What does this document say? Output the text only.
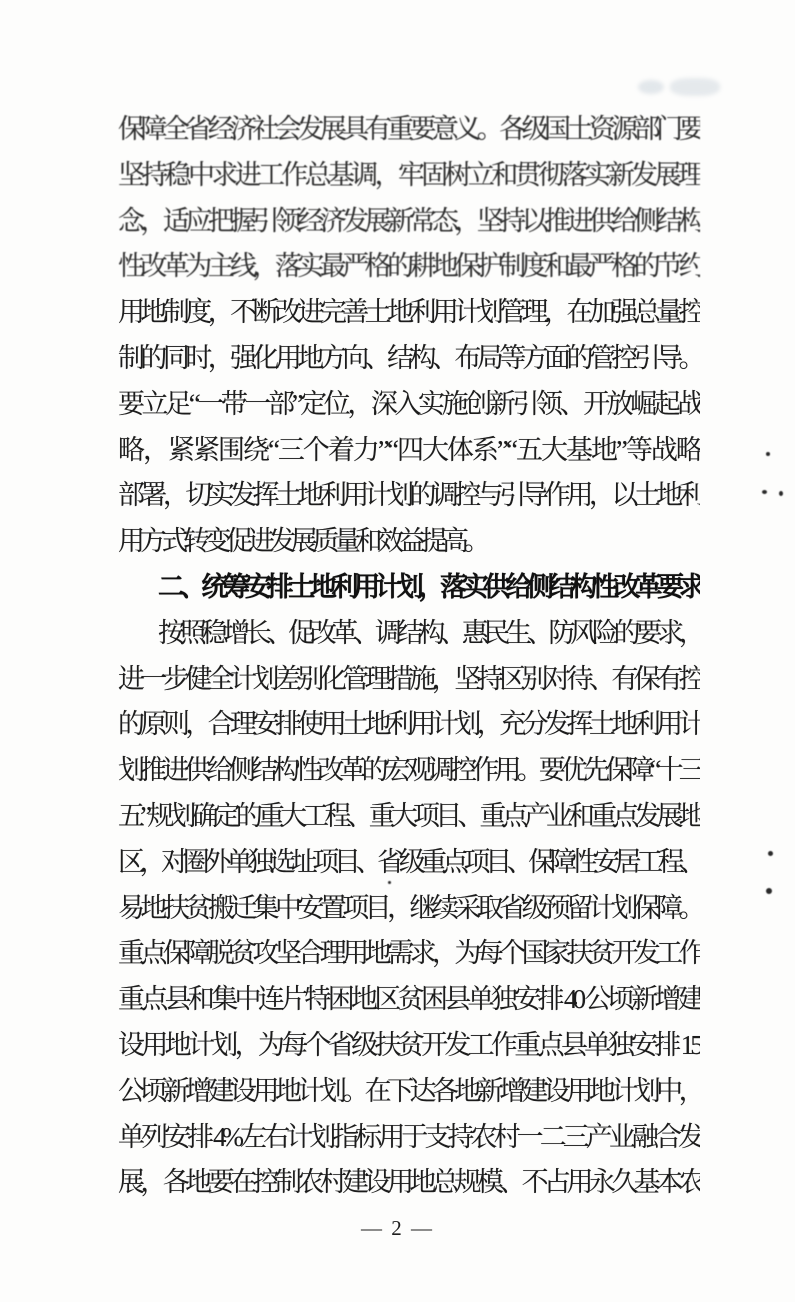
保障全省经济社会发展具有重要意义。各级国土资源部门要
坚持稳中求进工作总基调，牢固树立和贯彻落实新发展理
念，适应把握引领经济发展新常态，坚持以推进供给侧结构
性改革为主线，落实最严格的耕地保护制度和最严格的节约
用地制度，不断改进完善土地利用计划管理，在加强总量控
制的同时，强化用地方向、结构、布局等方面的管控引导。
要立足“一带一部”定位，深入实施创新引领、开放崛起战
略，紧紧围绕“三个着力”“四大体系”“五大基地”等战略
部署，切实发挥土地利用计划的调控与引导作用，以土地利
用方式转变促进发展质量和效益提高。
二、统筹安排土地利用计划，落实供给侧结构性改革要求
按照稳增长、促改革、调结构、惠民生、防风险的要求，
进一步健全计划差别化管理措施，坚持区别对待、有保有控
的原则，合理安排使用土地利用计划，充分发挥土地利用计
划推进供给侧结构性改革的宏观调控作用。要优先保障“十三
五”规划确定的重大工程、重大项目、重点产业和重点发展地
区，对圈外单独选址项目、省级重点项目、保障性安居工程、
易地扶贫搬迁集中安置项目，继续采取省级预留计划保障。
重点保障脱贫攻坚合理用地需求，为每个国家扶贫开发工作
重点县和集中连片特困地区贫困县单独安排 40 公顷新增建
设用地计划，为每个省级扶贫开发工作重点县单独安排 15
公顷新增建设用地计划。在下达各地新增建设用地计划中，
单列安排 4%左右计划指标用于支持农村一二三产业融合发
展，各地要在控制农村建设用地总规模、不占用永久基本农
— 2 —
